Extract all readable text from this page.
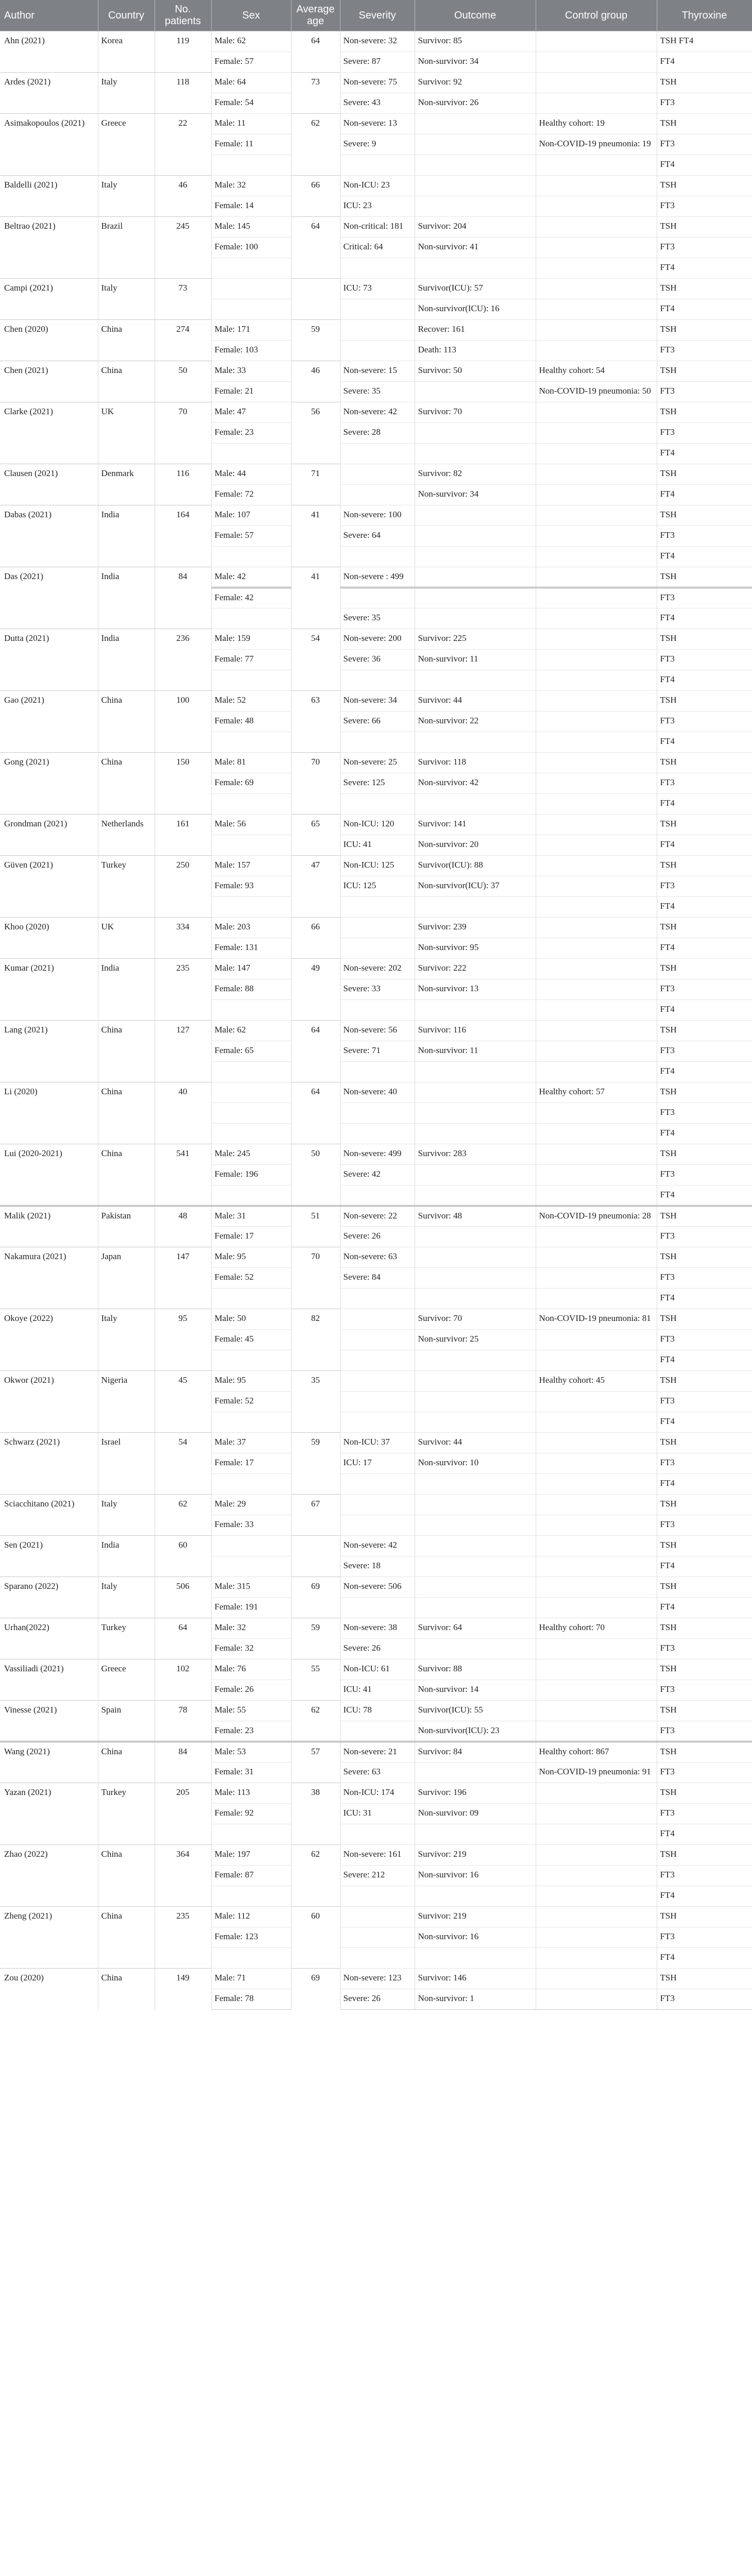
Author	Country	No. patients	Sex	Average age	Severity	Outcome	Control group	Thyroxine
Ahn (2021)	Korea	119	Male: 62	64	Non-severe: 32	Survivor: 85		TSH FT4
			Female: 57		Severe: 87	Non-survivor: 34		FT4
Ardes (2021)	Italy	118	Male: 64	73	Non-severe: 75	Survivor: 92		TSH
			Female: 54		Severe: 43	Non-survivor: 26		FT3
Asimakopoulos (2021)	Greece	22	Male: 11	62	Non-severe: 13		Healthy cohort: 19	TSH
			Female: 11		Severe: 9		Non-COVID-19 pneumonia: 19	FT3
								FT4
Baldelli (2021)	Italy	46	Male: 32	66	Non-ICU: 23			TSH
			Female: 14		ICU: 23			FT3
Beltrao (2021)	Brazil	245	Male: 145	64	Non-critical: 181	Survivor: 204		TSH
			Female: 100		Critical: 64	Non-survivor: 41		FT3
								FT4
Campi (2021)	Italy	73			ICU: 73	Survivor(ICU): 57		TSH
						Non-survivor(ICU): 16		FT4
Chen (2020)	China	274	Male: 171	59		Recover: 161		TSH
			Female: 103			Death: 113		FT3
Chen (2021)	China	50	Male: 33	46	Non-severe: 15	Survivor: 50	Healthy cohort: 54	TSH
			Female: 21		Severe: 35		Non-COVID-19 pneumonia: 50	FT3
Clarke (2021)	UK	70	Male: 47	56	Non-severe: 42	Survivor: 70		TSH
			Female: 23		Severe: 28			FT3
								FT4
Clausen (2021)	Denmark	116	Male: 44	71		Survivor: 82		TSH
			Female: 72			Non-survivor: 34		FT4
Dabas (2021)	India	164	Male: 107	41	Non-severe: 100			TSH
			Female: 57		Severe: 64			FT3
								FT4
Das (2021)	India	84	Male: 42	41	Non-severe : 499			TSH
			Female: 42					FT3
					Severe: 35			FT4
Dutta (2021)	India	236	Male: 159	54	Non-severe: 200	Survivor: 225		TSH
			Female: 77		Severe: 36	Non-survivor: 11		FT3
								FT4
Gao (2021)	China	100	Male: 52	63	Non-severe: 34	Survivor: 44		TSH
			Female: 48		Severe: 66	Non-survivor: 22		FT3
								FT4
Gong (2021)	China	150	Male: 81	70	Non-severe: 25	Survivor: 118		TSH
			Female: 69		Severe: 125	Non-survivor: 42		FT3
								FT4
Grondman (2021)	Netherlands	161	Male: 56	65	Non-ICU: 120	Survivor: 141		TSH
					ICU: 41	Non-survivor: 20		FT4
Güven (2021)	Turkey	250	Male: 157	47	Non-ICU: 125	Survivor(ICU): 88		TSH
			Female: 93		ICU: 125	Non-survivor(ICU): 37		FT3
								FT4
Khoo (2020)	UK	334	Male: 203	66		Survivor: 239		TSH
			Female: 131			Non-survivor: 95		FT4
Kumar (2021)	India	235	Male: 147	49	Non-severe: 202	Survivor: 222		TSH
			Female: 88		Severe: 33	Non-survivor: 13		FT3
								FT4
Lang (2021)	China	127	Male: 62	64	Non-severe: 56	Survivor: 116		TSH
			Female: 65		Severe: 71	Non-survivor: 11		FT3
								FT4
Li (2020)	China	40		64	Non-severe: 40		Healthy cohort: 57	TSH
								FT3
								FT4
Lui (2020-2021)	China	541	Male: 245	50	Non-severe: 499	Survivor: 283		TSH
			Female: 196		Severe: 42			FT3
								FT4
Malik (2021)	Pakistan	48	Male: 31	51	Non-severe: 22	Survivor: 48	Non-COVID-19 pneumonia: 28	TSH
			Female: 17		Severe: 26			FT3
Nakamura (2021)	Japan	147	Male: 95	70	Non-severe: 63			TSH
			Female: 52		Severe: 84			FT3
								FT4
Okoye (2022)	Italy	95	Male: 50	82		Survivor: 70	Non-COVID-19 pneumonia: 81	TSH
			Female: 45			Non-survivor: 25		FT3
								FT4
Okwor (2021)	Nigeria	45	Male: 95	35			Healthy cohort: 45	TSH
			Female: 52					FT3
								FT4
Schwarz (2021)	Israel	54	Male: 37	59	Non-ICU: 37	Survivor: 44		TSH
			Female: 17		ICU: 17	Non-survivor: 10		FT3
								FT4
Sciacchitano (2021)	Italy	62	Male: 29	67				TSH
			Female: 33					FT3
Sen (2021)	India	60			Non-severe: 42			TSH
					Severe: 18			FT4
Sparano (2022)	Italy	506	Male: 315	69	Non-severe: 506			TSH
			Female: 191					FT4
Urhan(2022)	Turkey	64	Male: 32	59	Non-severe: 38	Survivor: 64	Healthy cohort: 70	TSH
			Female: 32		Severe: 26			FT3
Vassiliadi (2021)	Greece	102	Male: 76	55	Non-ICU: 61	Survivor: 88		TSH
			Female: 26		ICU: 41	Non-survivor: 14		FT3
Vinesse (2021)	Spain	78	Male: 55	62	ICU: 78	Survivor(ICU): 55		TSH
			Female: 23			Non-survivor(ICU): 23		FT3
Wang (2021)	China	84	Male: 53	57	Non-severe: 21	Survivor: 84	Healthy cohort: 867	TSH
			Female: 31		Severe: 63		Non-COVID-19 pneumonia: 91	FT3
Yazan (2021)	Turkey	205	Male: 113	38	Non-ICU: 174	Survivor: 196		TSH
			Female: 92		ICU: 31	Non-survivor: 09		FT3
								FT4
Zhao (2022)	China	364	Male: 197	62	Non-severe: 161	Survivor: 219		TSH
			Female: 87		Severe: 212	Non-survivor: 16		FT3
								FT4
Zheng (2021)	China	235	Male: 112	60		Survivor: 219		TSH
			Female: 123			Non-survivor: 16		FT3
								FT4
Zou (2020)	China	149	Male: 71	69	Non-severe: 123	Survivor: 146		TSH
			Female: 78		Severe: 26	Non-survivor: 1		FT3
